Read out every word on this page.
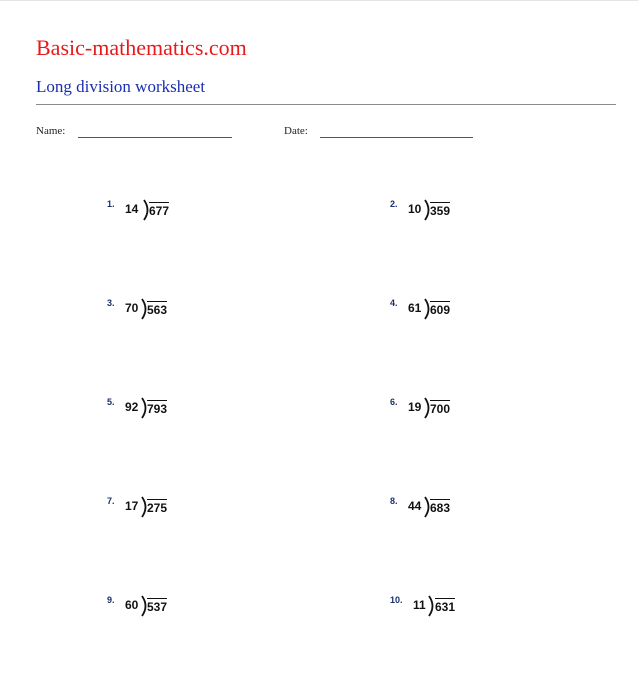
Basic-mathematics.com
Long division worksheet
Name:	Date:
1. 14 677	2. 10 359
3. 70 563	4. 61 609
5. 92 793	6. 19 700
7. 17 275	8. 44 683
9. 60 537	10. 11 631
